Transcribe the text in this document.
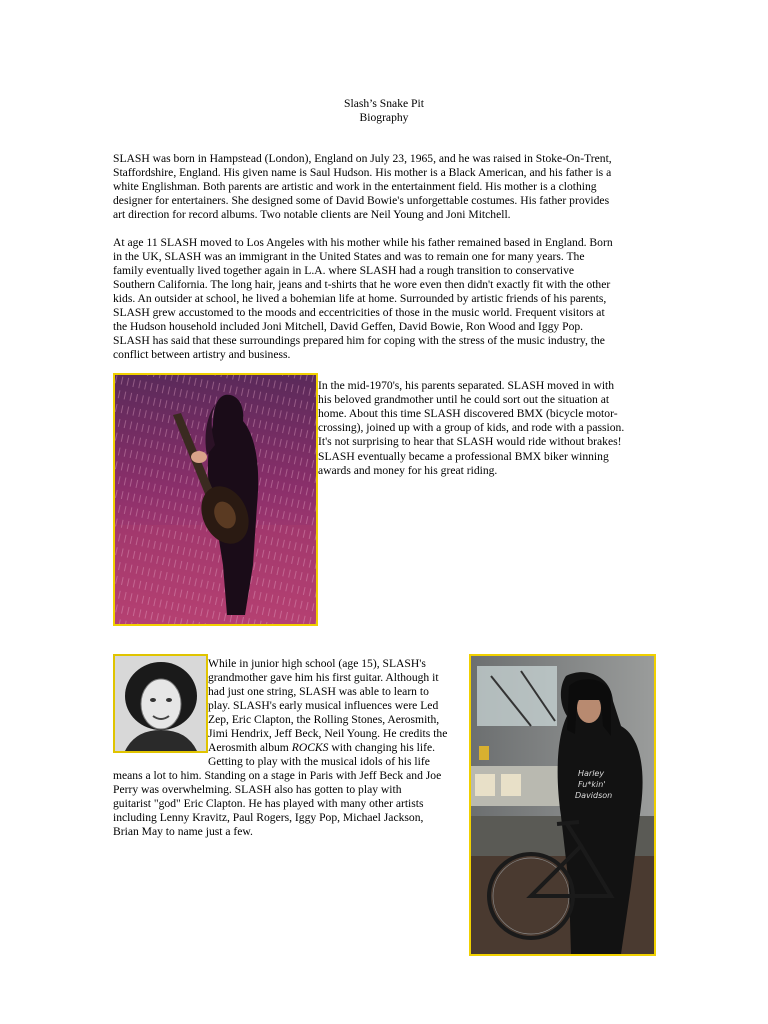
Slash’s Snake Pit
Biography
SLASH was born in Hampstead (London), England on July 23, 1965, and he was raised in Stoke-On-Trent,
Staffordshire, England. His given name is Saul Hudson. His mother is a Black American, and his father is a
white Englishman. Both parents are artistic and work in the entertainment field. His mother is a clothing
designer for entertainers. She designed some of David Bowie's unforgettable costumes. His father provides
art direction for record albums. Two notable clients are Neil Young and Joni Mitchell.
At age 11 SLASH moved to Los Angeles with his mother while his father remained based in England. Born
in the UK, SLASH was an immigrant in the United States and was to remain one for many years. The
family eventually lived together again in L.A. where SLASH had a rough transition to conservative
Southern California. The long hair, jeans and t-shirts that he wore even then didn't exactly fit with the other
kids. An outsider at school, he lived a bohemian life at home. Surrounded by artistic friends of his parents,
SLASH grew accustomed to the moods and eccentricities of those in the music world. Frequent visitors at
the Hudson household included Joni Mitchell, David Geffen, David Bowie, Ron Wood and Iggy Pop.
SLASH has said that these surroundings prepared him for coping with the stress of the music industry, the
conflict between artistry and business.
In the mid-1970's, his parents separated. SLASH moved in with
his beloved grandmother until he could sort out the situation at
home. About this time SLASH discovered BMX (bicycle motor-
crossing), joined up with a group of kids, and rode with a passion.
It's not surprising to hear that SLASH would ride without brakes!
SLASH eventually became a professional BMX biker winning
awards and money for his great riding.
While in junior high school (age 15), SLASH's
grandmother gave him his first guitar. Although it
had just one string, SLASH was able to learn to
play. SLASH's early musical influences were Led
Zep, Eric Clapton, the Rolling Stones, Aerosmith,
Jimi Hendrix, Jeff Beck, Neil Young. He credits the
Aerosmith album ROCKS with changing his life.
Getting to play with the musical idols of his life
means a lot to him. Standing on a stage in Paris with Jeff Beck and Joe
Perry was overwhelming. SLASH also has gotten to play with
guitarist "god" Eric Clapton. He has played with many other artists
including Lenny Kravitz, Paul Rogers, Iggy Pop, Michael Jackson,
Brian May to name just a few.
Harley
Fu*kin'
Davidson
